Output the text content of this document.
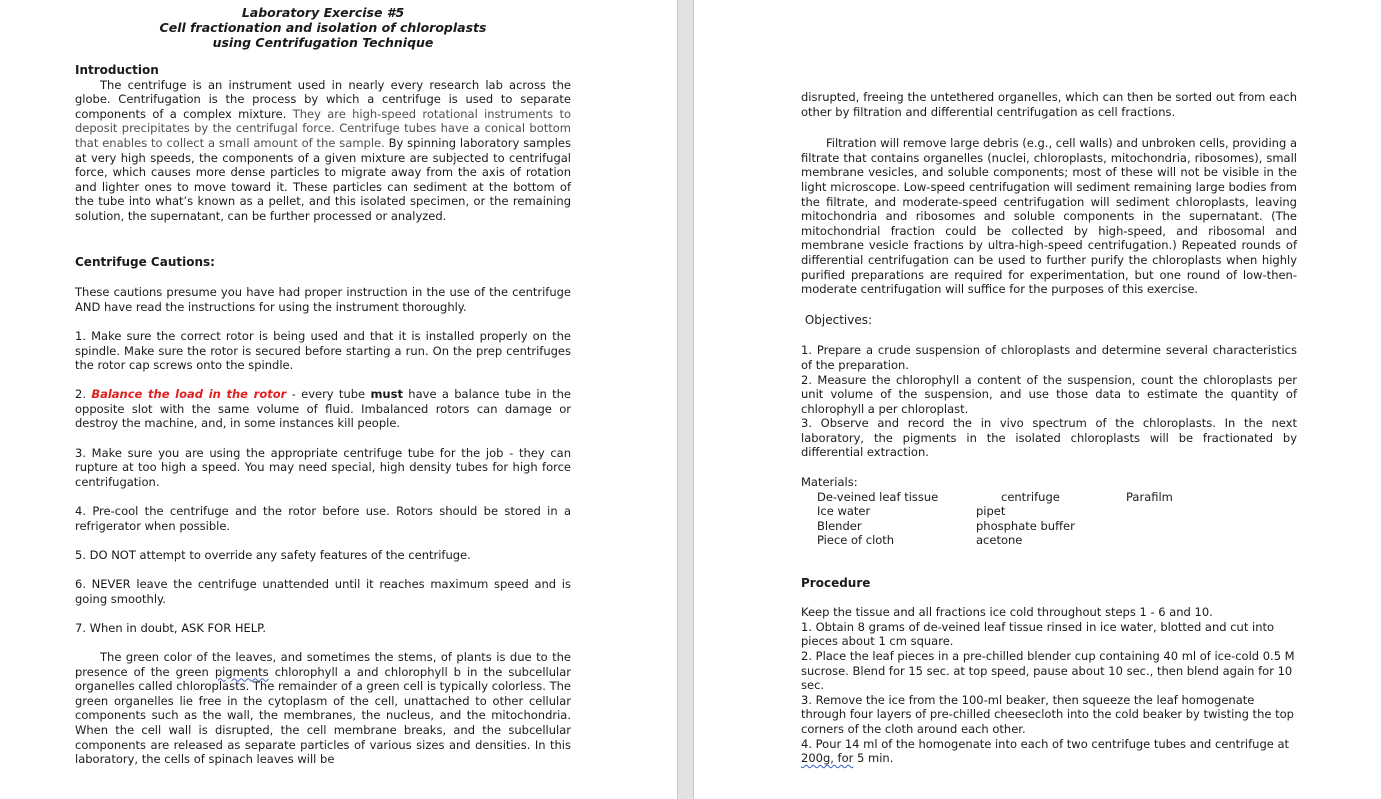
Laboratory Exercise #5

Cell fractionation and isolation of chloroplasts

using Centrifugation Technique

Introduction

The centrifuge is an instrument used in nearly every research lab across the globe. Centrifugation is the process by which a centrifuge is used to separate components of a complex mixture. They are high-speed rotational instruments to deposit precipitates by the centrifugal force. Centrifuge tubes have a conical bottom that enables to collect a small amount of the sample. By spinning laboratory samples at very high speeds, the components of a given mixture are subjected to centrifugal force, which causes more dense particles to migrate away from the axis of rotation and lighter ones to move toward it. These particles can sediment at the bottom of the tube into what’s known as a pellet, and this isolated specimen, or the remaining solution, the supernatant, can be further processed or analyzed.

Centrifuge Cautions:

These cautions presume you have had proper instruction in the use of the centrifuge AND have read the instructions for using the instrument thoroughly.

1. Make sure the correct rotor is being used and that it is installed properly on the spindle. Make sure the rotor is secured before starting a run. On the prep centrifuges the rotor cap screws onto the spindle.

2. Balance the load in the rotor - every tube must have a balance tube in the opposite slot with the same volume of fluid. Imbalanced rotors can damage or destroy the machine, and, in some instances kill people.

3. Make sure you are using the appropriate centrifuge tube for the job - they can rupture at too high a speed. You may need special, high density tubes for high force centrifugation.

4. Pre-cool the centrifuge and the rotor before use. Rotors should be stored in a refrigerator when possible.

5. DO NOT attempt to override any safety features of the centrifuge.

6. NEVER leave the centrifuge unattended until it reaches maximum speed and is going smoothly.

7. When in doubt, ASK FOR HELP.

The green color of the leaves, and sometimes the stems, of plants is due to the presence of the green pigments chlorophyll a and chlorophyll b in the subcellular organelles called chloroplasts. The remainder of a green cell is typically colorless. The green organelles lie free in the cytoplasm of the cell, unattached to other cellular components such as the wall, the membranes, the nucleus, and the mitochondria. When the cell wall is disrupted, the cell membrane breaks, and the subcellular components are released as separate particles of various sizes and densities. In this laboratory, the cells of spinach leaves will be

disrupted, freeing the untethered organelles, which can then be sorted out from each other by filtration and differential centrifugation as cell fractions.

Filtration will remove large debris (e.g., cell walls) and unbroken cells, providing a filtrate that contains organelles (nuclei, chloroplasts, mitochondria, ribosomes), small membrane vesicles, and soluble components; most of these will not be visible in the light microscope. Low-speed centrifugation will sediment remaining large bodies from the filtrate, and moderate-speed centrifugation will sediment chloroplasts, leaving mitochondria and ribosomes and soluble components in the supernatant. (The mitochondrial fraction could be collected by high-speed, and ribosomal and membrane vesicle fractions by ultra-high-speed centrifugation.) Repeated rounds of differential centrifugation can be used to further purify the chloroplasts when highly purified preparations are required for experimentation, but one round of low-then-moderate centrifugation will suffice for the purposes of this exercise.

Objectives:

1. Prepare a crude suspension of chloroplasts and determine several characteristics of the preparation.

2. Measure the chlorophyll a content of the suspension, count the chloroplasts per unit volume of the suspension, and use those data to estimate the quantity of chlorophyll a per chloroplast.

3. Observe and record the in vivo spectrum of the chloroplasts. In the next laboratory, the pigments in the isolated chloroplasts will be fractionated by differential extraction.

Materials:

De-veined leaf tissue
Ice water
Blender
Piece of cloth
centrifuge
pipet
phosphate buffer
acetone
Parafilm

Procedure

Keep the tissue and all fractions ice cold throughout steps 1 - 6 and 10.

1. Obtain 8 grams of de-veined leaf tissue rinsed in ice water, blotted and cut into pieces about 1 cm square.

2. Place the leaf pieces in a pre-chilled blender cup containing 40 ml of ice-cold 0.5 M sucrose. Blend for 15 sec. at top speed, pause about 10 sec., then blend again for 10 sec.

3. Remove the ice from the 100-ml beaker, then squeeze the leaf homogenate through four layers of pre-chilled cheesecloth into the cold beaker by twisting the top corners of the cloth around each other.

4. Pour 14 ml of the homogenate into each of two centrifuge tubes and centrifuge at 200g, for 5 min.
